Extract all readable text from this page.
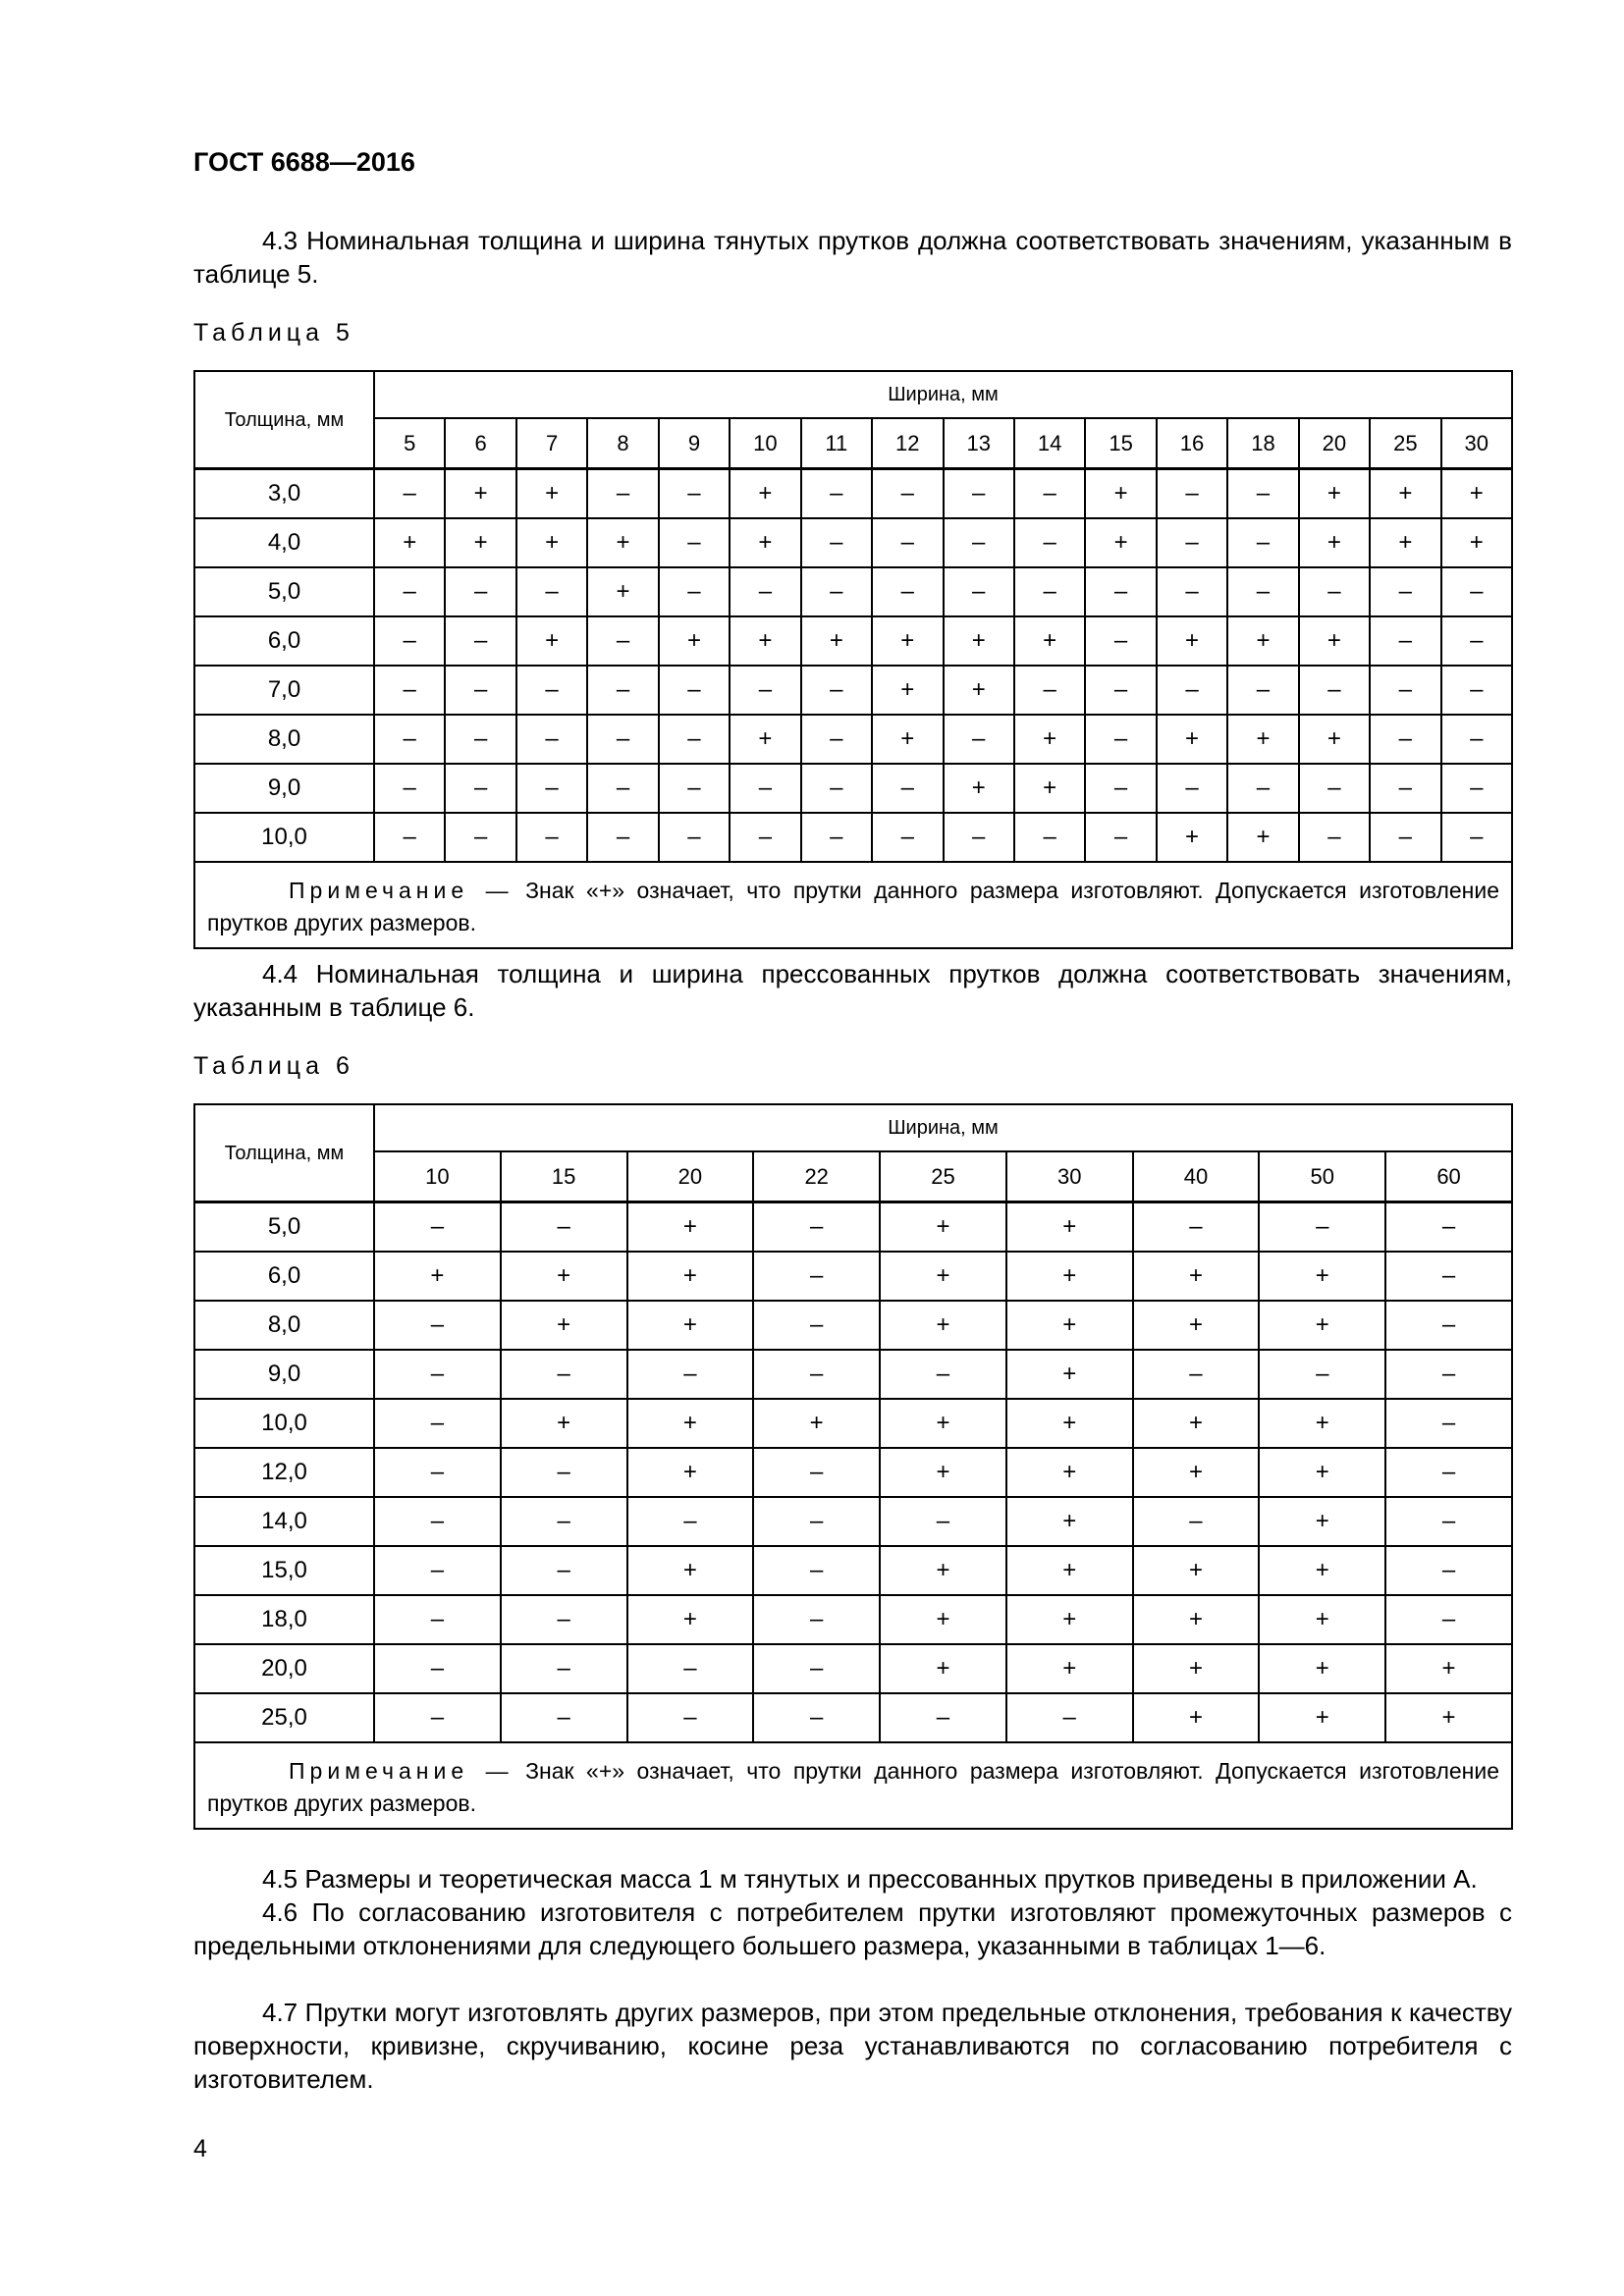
ГОСТ 6688—2016
4.3 Номинальная толщина и ширина тянутых прутков должна соответствовать значениям, указанным в таблице 5.
Таблица 5
Толщина, мм	Ширина, мм															
	5	6	7	8	9	10	11	12	13	14	15	16	18	20	25	30
3,0	–	+	+	–	–	+	–	–	–	–	+	–	–	+	+	+
4,0	+	+	+	+	–	+	–	–	–	–	+	–	–	+	+	+
5,0	–	–	–	+	–	–	–	–	–	–	–	–	–	–	–	–
6,0	–	–	+	–	+	+	+	+	+	+	–	+	+	+	–	–
7,0	–	–	–	–	–	–	–	+	+	–	–	–	–	–	–	–
8,0	–	–	–	–	–	+	–	+	–	+	–	+	+	+	–	–
9,0	–	–	–	–	–	–	–	–	+	+	–	–	–	–	–	–
10,0	–	–	–	–	–	–	–	–	–	–	–	+	+	–	–	–
Примечание — Знак «+» означает, что прутки данного размера изготовляют. Допускается изготовление прутков других размеров.																
4.4 Номинальная толщина и ширина прессованных прутков должна соответствовать значениям, указанным в таблице 6.
Таблица 6
Толщина, мм	Ширина, мм								
	10	15	20	22	25	30	40	50	60
5,0	–	–	+	–	+	+	–	–	–
6,0	+	+	+	–	+	+	+	+	–
8,0	–	+	+	–	+	+	+	+	–
9,0	–	–	–	–	–	+	–	–	–
10,0	–	+	+	+	+	+	+	+	–
12,0	–	–	+	–	+	+	+	+	–
14,0	–	–	–	–	–	+	–	+	–
15,0	–	–	+	–	+	+	+	+	–
18,0	–	–	+	–	+	+	+	+	–
20,0	–	–	–	–	+	+	+	+	+
25,0	–	–	–	–	–	–	+	+	+
Примечание — Знак «+» означает, что прутки данного размера изготовляют. Допускается изготовление прутков других размеров.									
4.5 Размеры и теоретическая масса 1 м тянутых и прессованных прутков приведены в приложении А.
4.6 По согласованию изготовителя с потребителем прутки изготовляют промежуточных размеров с предельными отклонениями для следующего большего размера, указанными в таблицах 1—6.
4.7 Прутки могут изготовлять других размеров, при этом предельные отклонения, требования к качеству поверхности, кривизне, скручиванию, косине реза устанавливаются по согласованию потребителя с изготовителем.
4
